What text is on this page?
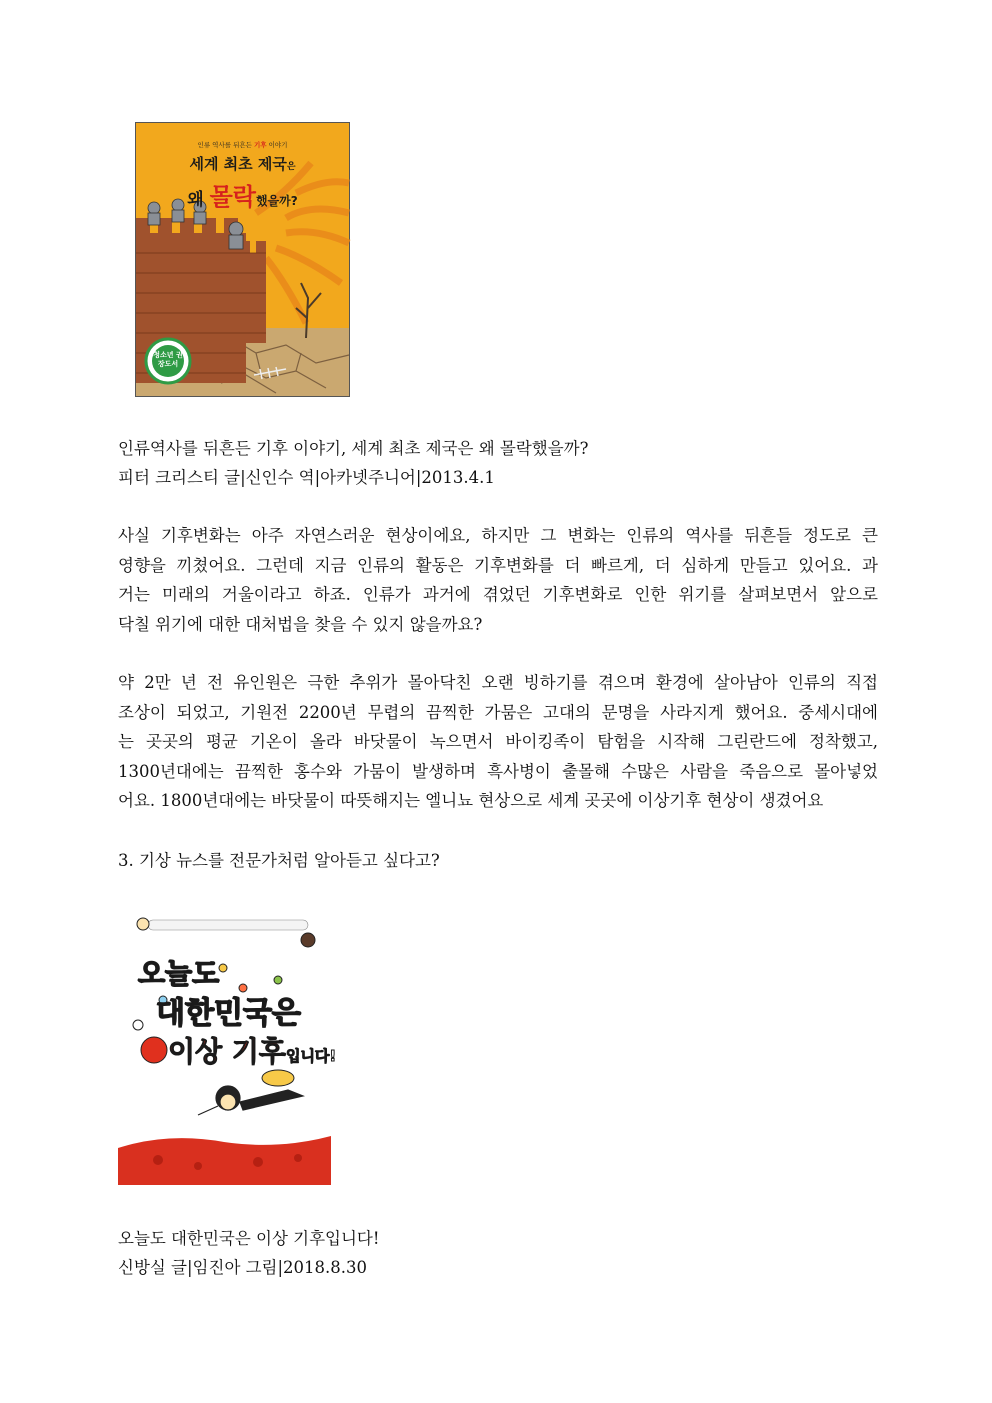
인류 역사를 뒤흔든 기후 이야기
세계 최초 제국은
왜 몰락했을까?
청소년 권장도서
인류역사를 뒤흔든 기후 이야기, 세계 최초 제국은 왜 몰락했을까?
피터 크리스티 글|신인수 역|아카넷주니어|2013.4.1
사실 기후변화는 아주 자연스러운 현상이에요, 하지만 그 변화는 인류의 역사를 뒤흔들 정도로 큰
영향을 끼쳤어요. 그런데 지금 인류의 활동은 기후변화를 더 빠르게, 더 심하게 만들고 있어요. 과
거는 미래의 거울이라고 하죠. 인류가 과거에 겪었던 기후변화로 인한 위기를 살펴보면서 앞으로
닥칠 위기에 대한 대처법을 찾을 수 있지 않을까요?
약 2만 년 전 유인원은 극한 추위가 몰아닥친 오랜 빙하기를 겪으며 환경에 살아남아 인류의 직접
조상이 되었고, 기원전 2200년 무렵의 끔찍한 가뭄은 고대의 문명을 사라지게 했어요. 중세시대에
는 곳곳의 평균 기온이 올라 바닷물이 녹으면서 바이킹족이 탐험을 시작해 그린란드에 정착했고,
1300년대에는 끔찍한 홍수와 가뭄이 발생하며 흑사병이 출몰해 수많은 사람을 죽음으로 몰아넣었
어요. 1800년대에는 바닷물이 따뜻해지는 엘니뇨 현상으로 세계 곳곳에 이상기후 현상이 생겼어요
3. 기상 뉴스를 전문가처럼 알아듣고 싶다고?
오늘도
대한민국은
이상 기후입니다!
오늘도 대한민국은 이상 기후입니다!
신방실 글|임진아 그림|2018.8.30
